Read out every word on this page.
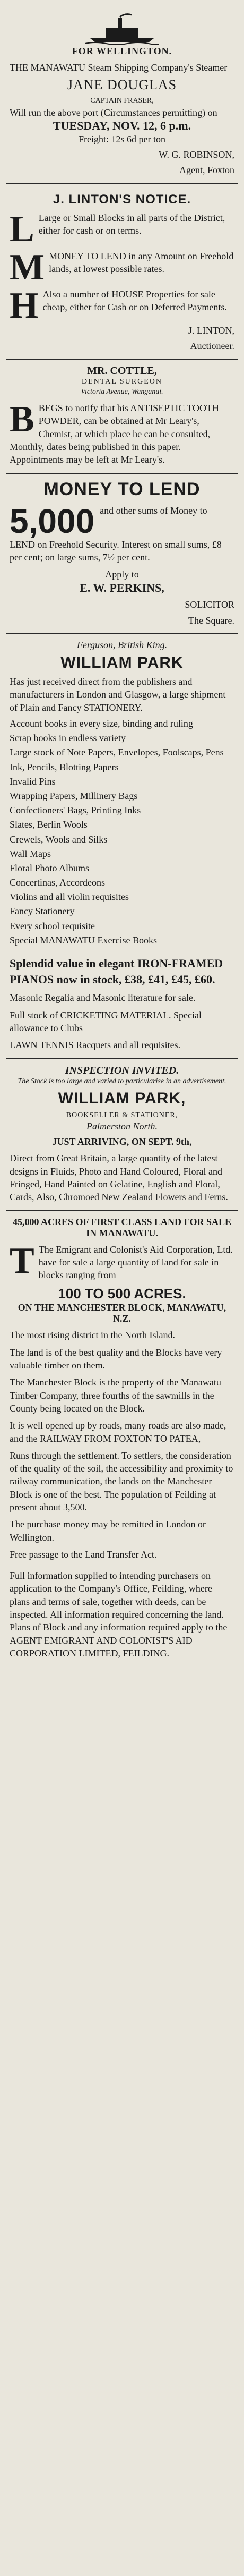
FOR WELLINGTON.
THE MANAWATU Steam Shipping Company's Steamer
JANE DOUGLAS
CAPTAIN FRASER,
Will run the above port (Circumstances permitting) on
TUESDAY, NOV. 12, 6 p.m.
Freight: 12s 6d per ton
W. G. ROBINSON,
Agent, Foxton
J. LINTON'S NOTICE.
L Large or Small Blocks in all parts of the District, either for cash or on terms.
M MONEY TO LEND in any Amount on Freehold lands, at lowest possible rates.
H Also a number of HOUSE Properties for sale cheap, either for Cash or on Deferred Payments.
J. LINTON,
Auctioneer.
MR. COTTLE,
DENTAL SURGEON
Victoria Avenue, Wanganui.
B BEGS to notify that his ANTISEPTIC TOOTH POWDER, can be obtained at Mr Leary's, Chemist, at which place he can be consulted, Monthly, dates being published in this paper. Appointments may be left at Mr Leary's.
MONEY TO LEND
5,000 and other sums of Money to
LEND on Freehold Security. Interest on small sums, £8 per cent; on large sums, 7½ per cent.
Apply to
E. W. PERKINS,
SOLICITOR
The Square.
Ferguson, British King.
WILLIAM PARK
Has just received direct from the publishers and manufacturers in London and Glasgow, a large shipment of Plain and Fancy STATIONERY.
Account books in every size, binding and ruling
Scrap books in endless variety
Large stock of Note Papers, Envelopes, Foolscaps, Pens
Ink, Pencils, Blotting Papers
Invalid Pins
Wrapping Papers, Millinery Bags
Confectioners' Bags, Printing Inks
Slates, Berlin Wools
Crewels, Wools and Silks
Wall Maps
Floral Photo Albums
Concertinas, Accordeons
Violins and all violin requisites
Fancy Stationery
Every school requisite
Special MANAWATU Exercise Books
Splendid value in elegant IRON-FRAMED PIANOS now in stock, £38, £41, £45, £60.
Masonic Regalia and Masonic literature for sale.
Full stock of CRICKETING MATERIAL. Special allowance to Clubs
LAWN TENNIS Racquets and all requisites.
INSPECTION INVITED.
The Stock is too large and varied to particularise in an advertisement.
WILLIAM PARK,
BOOKSELLER & STATIONER,
Palmerston North.
JUST ARRIVING, ON SEPT. 9th,
Direct from Great Britain, a large quantity of the latest designs in Fluids, Photo and Hand Coloured, Floral and Fringed, Hand Painted on Gelatine, English and Floral, Cards, Also, Chromoed New Zealand Flowers and Ferns.
45,000 ACRES OF FIRST CLASS LAND FOR SALE IN MANAWATU.
T The Emigrant and Colonist's Aid Corporation, Ltd. have for sale a large quantity of land for sale in blocks ranging from
100 TO 500 ACRES.
ON THE MANCHESTER BLOCK, MANAWATU, N.Z.
The most rising district in the North Island.
The land is of the best quality and the Blocks have very valuable timber on them.
The Manchester Block is the property of the Manawatu Timber Company, three fourths of the sawmills in the County being located on the Block.
It is well opened up by roads, many roads are also made, and the RAILWAY FROM FOXTON TO PATEA,
Runs through the settlement. To settlers, the consideration of the quality of the soil, the accessibility and proximity to railway communication, the lands on the Manchester Block is one of the best. The population of Feilding at present about 3,500.
The purchase money may be remitted in London or Wellington.
Free passage to the Land Transfer Act.
Full information supplied to intending purchasers on application to the Company's Office, Feilding, where plans and terms of sale, together with deeds, can be inspected. All information required concerning the land. Plans of Block and any information required apply to the AGENT EMIGRANT AND COLONIST'S AID CORPORATION LIMITED, FEILDING.
